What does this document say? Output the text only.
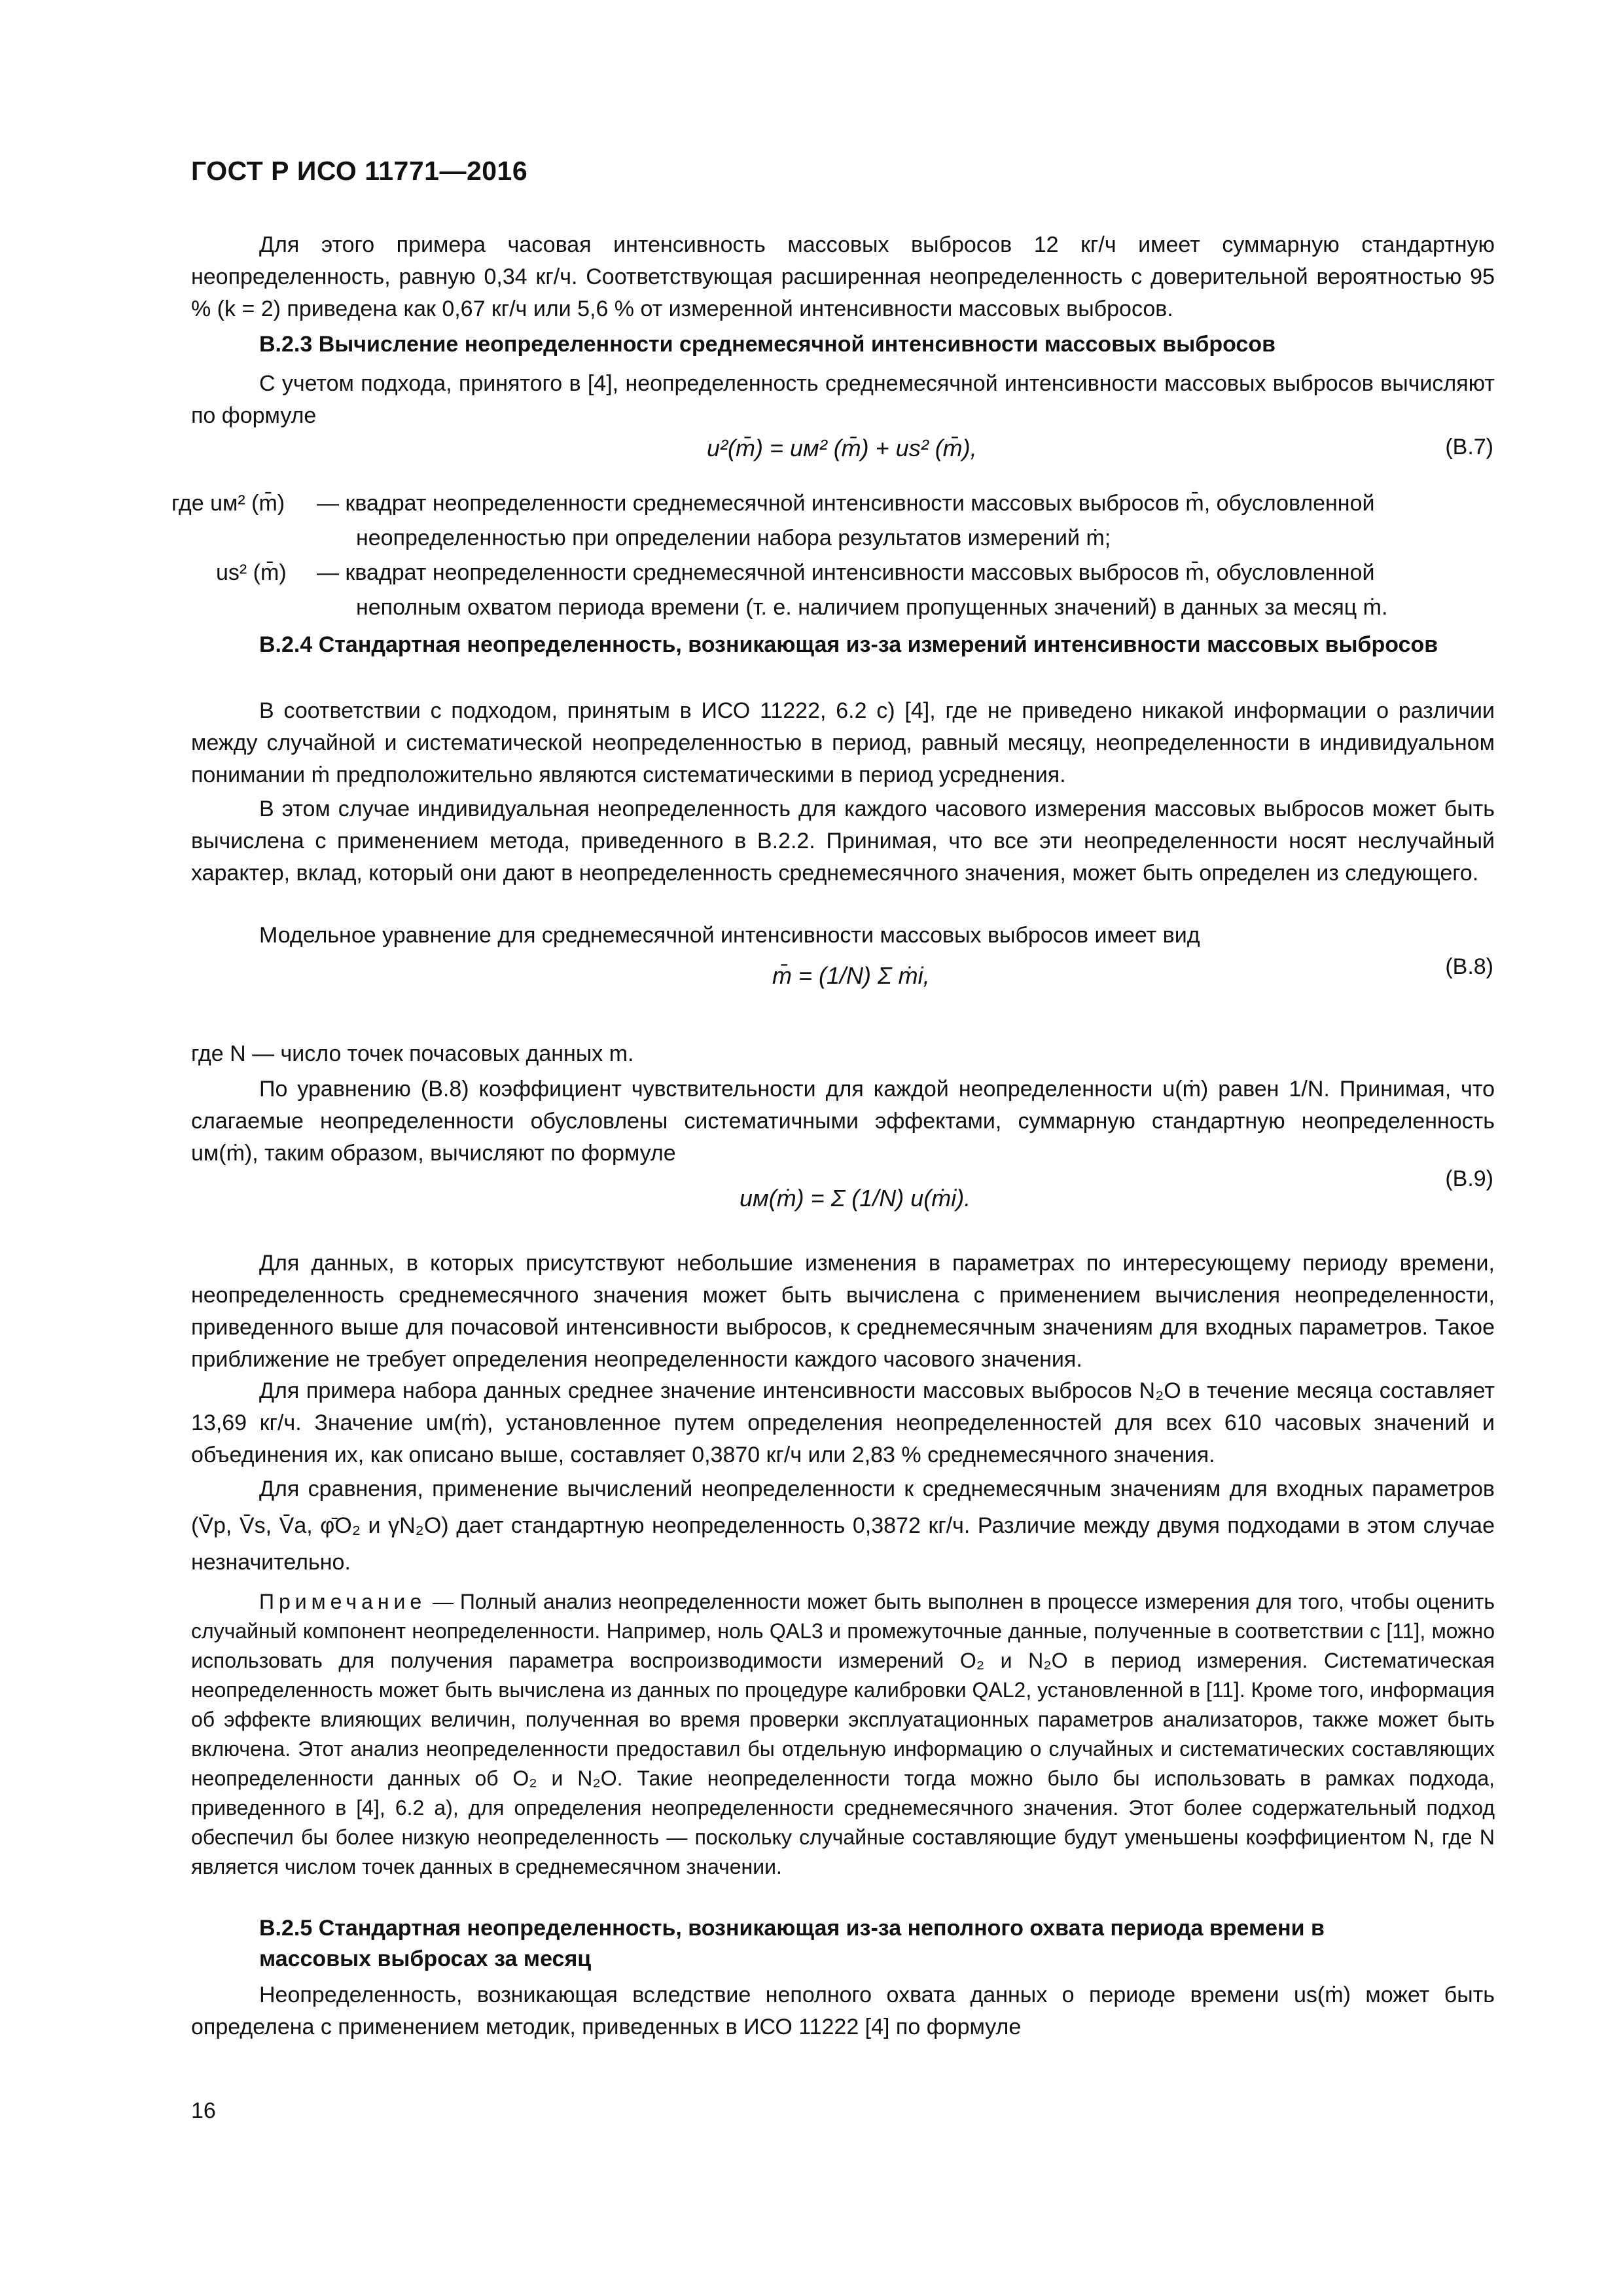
ГОСТ Р ИСО 11771—2016
Для этого примера часовая интенсивность массовых выбросов 12 кг/ч имеет суммарную стандартную неопределенность, равную 0,34 кг/ч. Соответствующая расширенная неопределенность с доверительной вероятностью 95 % (k = 2) приведена как 0,67 кг/ч или 5,6 % от измеренной интенсивности массовых выбросов.
В.2.3 Вычисление неопределенности среднемесячной интенсивности массовых выбросов
С учетом подхода, принятого в [4], неопределенность среднемесячной интенсивности массовых выбросов вычисляют по формуле
u²(m̄) = uм² (m̄) + us² (m̄),	(В.7)
где uм² (m̄) — квадрат неопределенности среднемесячной интенсивности массовых выбросов m̄, обусловленной
неопределенностью при определении набора результатов измерений ṁ;
us² (m̄) — квадрат неопределенности среднемесячной интенсивности массовых выбросов m̄, обусловленной
неполным охватом периода времени (т. е. наличием пропущенных значений) в данных за месяц ṁ.
В.2.4 Стандартная неопределенность, возникающая из-за измерений интенсивности массовых выбросов
В соответствии с подходом, принятым в ИСО 11222, 6.2 с) [4], где не приведено никакой информации о различии между случайной и систематической неопределенностью в период, равный месяцу, неопределенности в индивидуальном понимании ṁ предположительно являются систематическими в период усреднения.
В этом случае индивидуальная неопределенность для каждого часового измерения массовых выбросов может быть вычислена с применением метода, приведенного в В.2.2. Принимая, что все эти неопределенности носят неслучайный характер, вклад, который они дают в неопределенность среднемесячного значения, может быть определен из следующего.
Модельное уравнение для среднемесячной интенсивности массовых выбросов имеет вид
m̄ = (1/N) Σ ṁi,	(В.8)
где N — число точек почасовых данных m.
По уравнению (В.8) коэффициент чувствительности для каждой неопределенности u(ṁ) равен 1/N. Принимая, что слагаемые неопределенности обусловлены систематичными эффектами, суммарную стандартную неопределенность uм(ṁ), таким образом, вычисляют по формуле
uм(ṁ) = Σ (1/N) u(ṁi).
(В.9)
Для данных, в которых присутствуют небольшие изменения в параметрах по интересующему периоду времени, неопределенность среднемесячного значения может быть вычислена с применением вычисления неопределенности, приведенного выше для почасовой интенсивности выбросов, к среднемесячным значениям для входных параметров. Такое приближение не требует определения неопределенности каждого часового значения.
Для примера набора данных среднее значение интенсивности массовых выбросов N₂O в течение месяца составляет 13,69 кг/ч. Значение uм(ṁ), установленное путем определения неопределенностей для всех 610 часовых значений и объединения их, как описано выше, составляет 0,3870 кг/ч или 2,83 % среднемесячного значения.
Для сравнения, применение вычислений неопределенности к среднемесячным значениям для входных параметров (V̄p, V̄s, V̄a, φ̄O₂ и γN₂O) дает стандартную неопределенность 0,3872 кг/ч. Различие между двумя подходами в этом случае незначительно.
Примечание — Полный анализ неопределенности может быть выполнен в процессе измерения для того, чтобы оценить случайный компонент неопределенности. Например, ноль QAL3 и промежуточные данные, полученные в соответствии с [11], можно использовать для получения параметра воспроизводимости измерений O₂ и N₂O в период измерения. Систематическая неопределенность может быть вычислена из данных по процедуре калибровки QAL2, установленной в [11]. Кроме того, информация об эффекте влияющих величин, полученная во время проверки эксплуатационных параметров анализаторов, также может быть включена. Этот анализ неопределенности предоставил бы отдельную информацию о случайных и систематических составляющих неопределенности данных об O₂ и N₂O. Такие неопределенности тогда можно было бы использовать в рамках подхода, приведенного в [4], 6.2 а), для определения неопределенности среднемесячного значения. Этот более содержательный подход обеспечил бы более низкую неопределенность — поскольку случайные составляющие будут уменьшены коэффициентом N, где N является числом точек данных в среднемесячном значении.
В.2.5 Стандартная неопределенность, возникающая из-за неполного охвата периода времени в массовых выбросах за месяц
Неопределенность, возникающая вследствие неполного охвата данных о периоде времени us(ṁ) может быть определена с применением методик, приведенных в ИСО 11222 [4] по формуле
16
